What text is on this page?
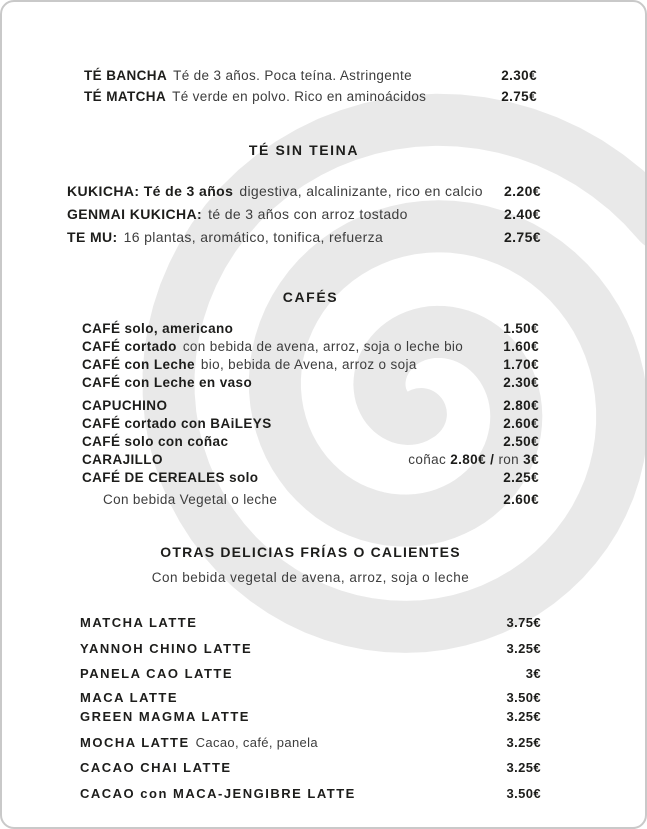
TÉ BANCHA Té de 3 años. Poca teína. Astringente	2.30€
TÉ MATCHA Té verde en polvo. Rico en aminoácidos	2.75€
TÉ SIN TEINA
KUKICHA: Té de 3 años digestiva, alcalinizante, rico en calcio 2.20€
GENMAI KUKICHA: té de 3 años con arroz tostado	2.40€
TE MU: 16 plantas, aromático, tonifica, refuerza	2.75€
CAFÉS
CAFÉ solo, americano	1.50€
CAFÉ cortado con bebida de avena, arroz, soja o leche bio	1.60€
CAFÉ con Leche bio, bebida de Avena, arroz o soja	1.70€
CAFÉ con Leche en vaso	2.30€
CAPUCHINO	2.80€
CAFÉ cortado con BAiLEYS	2.60€
CAFÉ solo con coñac	2.50€
CARAJILLO	coñac 2.80€ / ron 3€
CAFÉ DE CEREALES solo	2.25€
Con bebida Vegetal o leche	2.60€
OTRAS DELICIAS FRÍAS O CALIENTES
Con bebida vegetal de avena, arroz, soja o leche
MATCHA LATTE	3.75€
YANNOH CHINO LATTE	3.25€
PANELA CAO LATTE	3€
MACA LATTE	3.50€
GREEN MAGMA LATTE	3.25€
MOCHA LATTE Cacao, café, panela	3.25€
CACAO CHAI LATTE	3.25€
CACAO con MACA-JENGIBRE LATTE	3.50€
